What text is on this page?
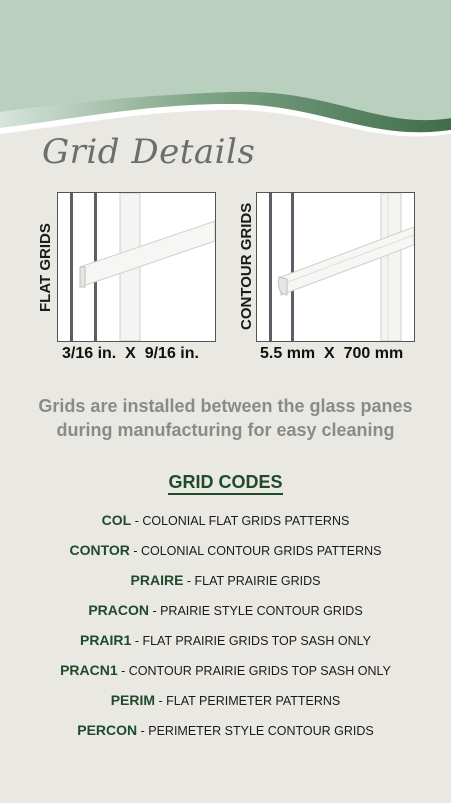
Grid Details
FLAT GRIDS
3/16 in.  X  9/16 in.
CONTOUR GRIDS
5.5 mm  X  700 mm
Grids are installed between the glass panes
during manufacturing for easy cleaning
GRID CODES
COL - COLONIAL FLAT GRIDS PATTERNS
CONTOR - COLONIAL CONTOUR GRIDS PATTERNS
PRAIRE - FLAT PRAIRIE GRIDS
PRACON - PRAIRIE STYLE CONTOUR GRIDS
PRAIR1 - FLAT PRAIRIE GRIDS TOP SASH ONLY
PRACN1 - CONTOUR PRAIRIE GRIDS TOP SASH ONLY
PERIM - FLAT PERIMETER PATTERNS
PERCON - PERIMETER STYLE CONTOUR GRIDS
